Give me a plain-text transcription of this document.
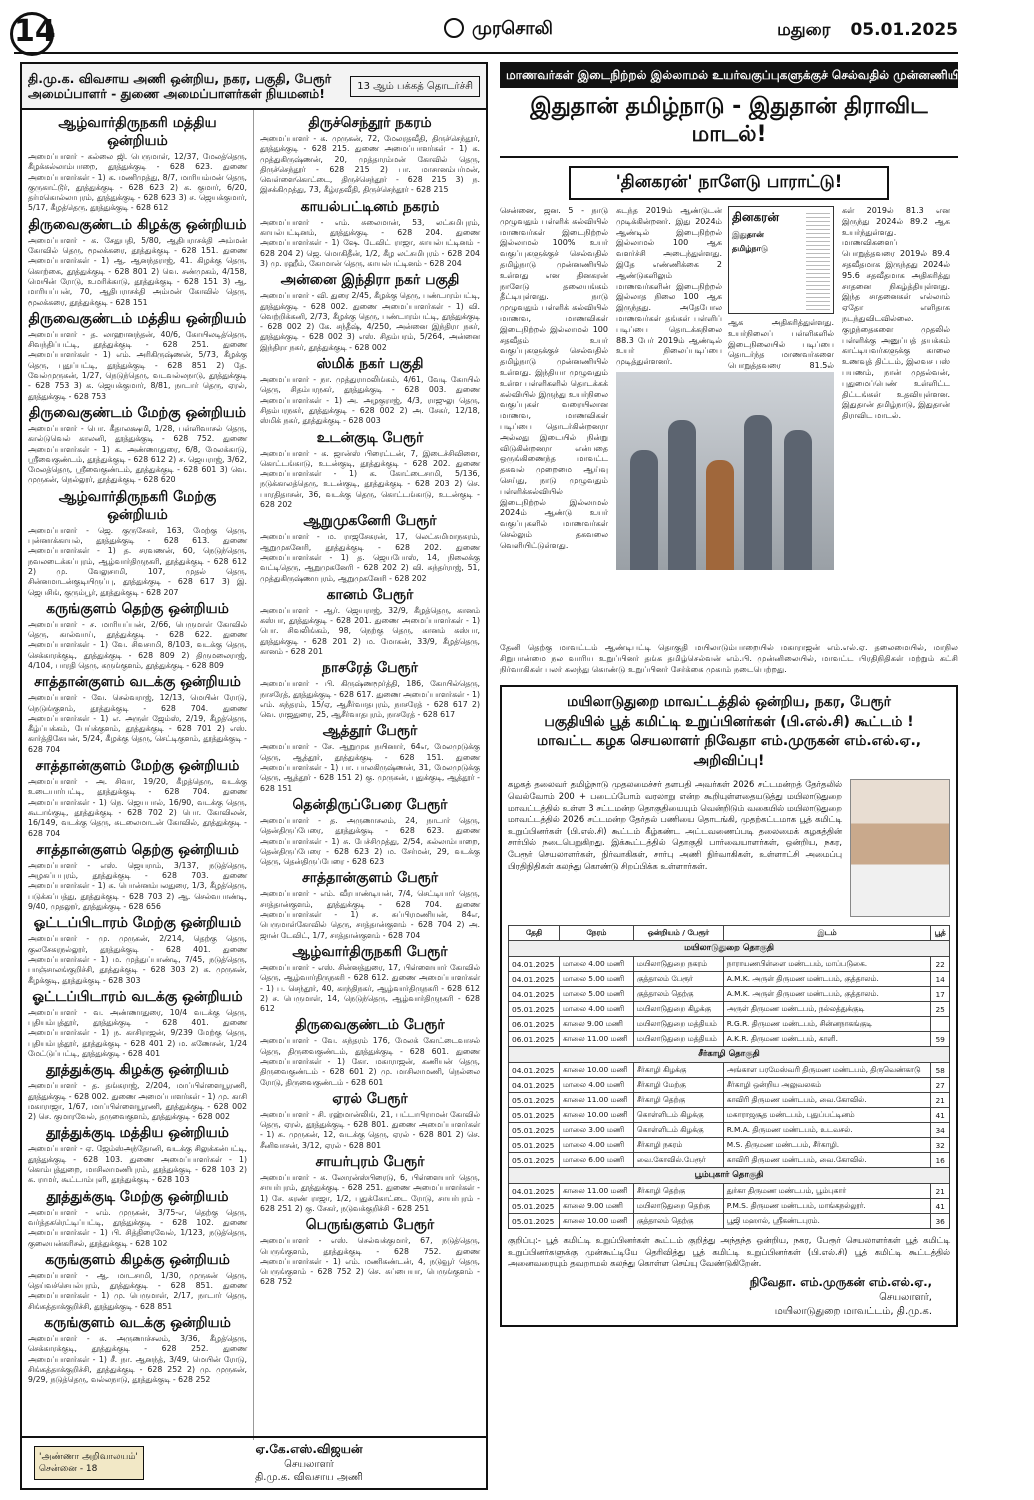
14	முரசொலி	மதுரை 05.01.2025
தி.மு.க. விவசாய அணி ஒன்றிய, நகர, பகுதி, பேரூர் அமைப்பாளர் - துணை அமைப்பாளர்கள் நியமனம்!	13 ஆம் பக்கத் தொடர்ச்சி
ஆழ்வார்திருநகரி மத்திய ஒன்றியம்

அமைப்பாளர் - கல்லை ஜி. பெருமாள், 12/37, மேலத்தெரு, கீழக்கல்லாம்பாறை, தூத்துக்குடி - 628 623. துணை அமைப்பாளர்கள் - 1) க. மணிமுத்து, 8/7, மாரியம்மன் தெரு, குருகாட்டூர், தூத்துக்குடி - 628 623 2) க. குமார், 6/20, தர்மகொல்லாபுரம், தூத்துக்குடி - 628 623 3) ச. ஜெயக்குமார், 5/17, கீழத்தெரு, தூத்துக்குடி - 628 612

திருவைகுண்டம் கிழக்கு ஒன்றியம்

அமைப்பாளர் - க. சேதுபதி, 5/80, ஆதிபராசக்தி அம்மன் கோவில் தெரு, மூலக்கரை, தூத்துக்குடி - 628 151. துணை அமைப்பாளர்கள் - 1) ஆ. ஆனந்தராஜ், 41. கிழக்கு தெரு, கொற்கை, தூத்துக்குடி - 628 801 2) வெ. சண்முகம், 4/158, மெயின் ரோடு, உமரிக்காடு, தூத்துக்குடி - 628 151 3) ஆ. மாரியப்பன், 70, ஆதிபராசக்தி அம்மன் கோவில் தெரு, மூலக்கரை, தூத்துக்குடி - 628 151

திருவைகுண்டம் மத்திய ஒன்றியம்

அமைப்பாளர் - த. லாஹானந்தன், 40/6, கோயிலடித்தெரு, சிவந்திப்பட்டி, தூத்துக்குடி - 628 251. துணை அமைப்பாளர்கள் - 1) எம். அரிகிருஷ்ணன், 5/73, கீழக்கு தெரு, புதுப்பட்டி, தூத்துக்குடி - 628 851 2) தே. வேல்முருகன், 1/27, நெடுந்தெரு, வடவல்லநாடு, தூத்துக்குடி - 628 753 3) க. ஜெயக்குமார், 8/81, நாடார் தெரு, ஏரல், தூத்துக்குடி - 628 753

திருவைகுண்டம் மேற்கு ஒன்றியம்

அமைப்பாளர் - பொ. கீதாலக்ஷமி, 1/28, பள்ளிவாசல் தெரு, கால்டுவெல் காலனி, தூத்துக்குடி - 628 752. துணை அமைப்பாளர்கள் - 1) க. அண்ணாதுரை, 6/8, மேலக்காடு, ஸ்ரீவைகுண்டம், தூத்துக்குடி - 628 612 2) ச. ஜெயராஜ், 3/62, மேலத்தெரு, ஸ்ரீவைகுண்டம், தூத்துக்குடி - 628 601 3) வெ. முருகன், நெல்லூர், தூத்துக்குடி - 628 620

ஆழ்வார்திருநகரி மேற்கு ஒன்றியம்

அமைப்பாளர் - ஜெ. குருசேகர், 163, மேற்கு தெரு, புன்னாக்காயல், தூத்துக்குடி - 628 613. துணை அமைப்பாளர்கள் - 1) த. சரவணன், 60, நெடுந்தெரு, நவலடைக்கப்புரம், ஆழ்வார்திருநகரி, தூத்துக்குடி - 628 612 2) மு. வேலுசாமி, 107, முதல் தெரு, சின்னமாடன்குடியிருப்பு, தூத்துக்குடி - 628 617 3) இ. ஜெபசிங், குரும்பூர், தூத்துக்குடி - 628 207

கருங்குளம் தெற்கு ஒன்றியம்

அமைப்பாளர் - ச. மாரியப்பன், 2/66, பெருமாள் கோவில் தெரு, கால்வாய், தூத்துக்குடி - 628 622. துணை அமைப்பாளர்கள் - 1) வே. சிவசாமி, 8/103, வடக்கு தெரு, செக்காரக்குடி, தூத்துக்குடி - 628 809 2) திருமலைராஜ், 4/104, பாரதி தெரு, கருங்குளம், தூத்துக்குடி - 628 809

சாத்தான்குளம் வடக்கு ஒன்றியம்

அமைப்பாளர் - வே. செல்வராஜ், 12/13, மெயின் ரோடு, நெடுங்குளம், தூத்துக்குடி - 628 704. துணை அமைப்பாளர்கள் - 1) எ. அருள் ஜேம்ஸ், 2/19, கீழத்தெரு, கீழ்ப்பக்கம், பேய்க்குளம், தூத்துக்குடி - 628 701 2) எஸ். கார்த்திகேயன், 5/24, கீழக்கு தெரு, செட்டிகுளம், தூத்துக்குடி - 628 704

சாத்தான்குளம் மேற்கு ஒன்றியம்

அமைப்பாளர் - அ. சிவா, 19/20, கீழத்தெரு, வடக்கு உடையார்பட்டி, தூத்துக்குடி - 628 704. துணை அமைப்பாளர்கள் - 1) நெ. ஜெயபால், 16/90, வடக்கு தெரு, கூடாங்குடி, தூத்துக்குடி - 628 702 2) பொ. கோவிலன், 16/149, வடக்கு தெரு, சுடலைமாடன் கோவில், தூத்துக்குடி - 628 704

சாத்தான்குளம் தெற்கு ஒன்றியம்

அமைப்பாளர் - எஸ். ஜெயராம், 3/137, நடுத்தெரு, அழகப்பபுரம், தூத்துக்குடி - 628 703. துணை அமைப்பாளர்கள் - 1) க. பொன்னம்பலதுரை, 1/3, கீழத்தெரு, படுக்கப்பத்து, தூத்துக்குடி - 628 703 2) ஆ. செல்வபாண்டி, 9/40, முதலூர், தூத்துக்குடி - 628 656

ஓட்டப்பிடாரம் மேற்கு ஒன்றியம்

அமைப்பாளர் - மு. முருகன், 2/214, தெற்கு தெரு, குலசேகரநல்லூர், தூத்துக்குடி - 628 401. துணை அமைப்பாளர்கள் - 1) ம. முத்துப்பாண்டி, 7/45, நடுத்தெரு, பாஞ்சாலங்குறிச்சி, தூத்துக்குடி - 628 303 2) க. முருகன், கீழக்குடி, தூத்துக்குடி - 628 303

ஓட்டப்பிடாரம் வடக்கு ஒன்றியம்

அமைப்பாளர் - வ. அண்ணாதுரை, 10/4 வடக்கு தெரு, புதியம்புத்தூர், தூத்துக்குடி - 628 401. துணை அமைப்பாளர்கள் - 1) ந. காசிராஜன், 9/239 மேற்கு தெரு, புதியம்புத்தூர், தூத்துக்குடி - 628 401 2) ம. கணேசன், 1/24 மேட்டுப்பட்டி, தூத்துக்குடி - 628 401

தூத்துக்குடி கிழக்கு ஒன்றியம்

அமைப்பாளர் - த. தங்கராஜ், 2/204, மாப்பிள்ளையூரணி, தூத்துக்குடி - 628 002. துணை அமைப்பாளர்கள் - 1) மு. காசி மகாராஜா, 1/67, மாப்பிள்ளையூரணி, தூத்துக்குடி - 628 002 2) செ. குமாரவேல், தருவைகுளம், தூத்துக்குடி - 628 002

தூத்துக்குடி மத்திய ஒன்றியம்

அமைப்பாளர் - ஏ. ஜேம்ஸ்அந்தோனி, வடக்கு சிலுக்கன்பட்டி, தூத்துக்குடி - 628 103. துணை அமைப்பாளர்கள் - 1) கொம்புத்துறை, மாசிலாமணிபுரம், தூத்துக்குடி - 628 103 2) க. ராமர், கூட்டாம்புளி, தூத்துக்குடி - 628 103

தூத்துக்குடி மேற்கு ஒன்றியம்

அமைப்பாளர் - எம். முருகன், 3/75-எ, தெற்கு தெரு, வர்த்தகரெட்டிப்பட்டி, தூத்துக்குடி - 628 102. துணை அமைப்பாளர்கள் - 1) பி. சித்திரைவேல், 1/123, நடுத்தெரு, குலையன்கரிசல், தூத்துக்குடி - 628 102

கருங்குளம் கிழக்கு ஒன்றியம்

அமைப்பாளர் - ஆ. மாடசாமி, 1/30, முருகன் தெரு, தெய்வச்செயல்புரம், தூத்துக்குடி - 628 851. துணை அமைப்பாளர்கள் - 1) மு. பெருமாள், 2/17, நாடார் தெரு, சிங்கத்தாக்குறிச்சி, தூத்துக்குடி - 628 851

கருங்குளம் வடக்கு ஒன்றியம்

அமைப்பாளர் - சு. அருணாச்சலம், 3/36, கீழத்தெரு, செக்காரக்குடி, தூத்துக்குடி - 628 252. துணை அமைப்பாளர்கள் - 1) சீ. நா. ஆனந்த், 3/49, மெயின் ரோடு, சிங்கத்தாக்குறிச்சி, தூத்துக்குடி - 628 252 2) மு. முருகன், 9/29, நடுத்தெரு, வல்லநாடு, தூத்துக்குடி - 628 252

திருச்செந்தூர் நகரம்

அமைப்பாளர் - க. முருகன், 72, மேலரதவீதி, திருச்செந்தூர், தூத்துக்குடி - 628 215. துணை அமைப்பாளர்கள் - 1) க. முத்துகிருஷ்ணன், 20, முத்தாரம்மன் கோவில் தெரு, திருச்செந்தூர் - 628 215 2) பா. மாசானம்பர்மன், வெள்ளைகொட்டை, திருச்செந்தூர் - 628 215 3) ந. இசக்கிமுத்து, 73, கீழ்ரதவீதி, திருச்செந்தூர் - 628 215

காயல்பட்டினம் நகரம்

அமைப்பாளர் - எம். சுலைமான், 53, லட்சுமிபுரம், காயல்பட்டினம், தூத்துக்குடி - 628 204. துணை அமைப்பாளர்கள் - 1) ஷே. டேவிட் ராஜா, காயல்பட்டினம் - 628 204 2) ஜெ. மொகிதீன், 1/2, கீழ லட்சுமிபுரம் - 628 204 3) மு. ரஹீம், கோமான் தெரு, காயல்பட்டினம் - 628 204

அன்னை இந்திரா நகர் பகுதி

அமைப்பாளர் - வி. துரை 2/45, கீழக்கு தெரு, பண்டாரம்பட்டி, தூத்துக்குடி - 628 002. துணை அமைப்பாளர்கள் - 1) வி. வெற்றிக்கனி, 2/73, கீழக்கு தெரு, பண்டாரம்பட்டி, தூத்துக்குடி - 628 002 2) கே. சந்தீஷ், 4/250, அன்னை இந்திரா நகர், தூத்துக்குடி - 628 002 3) எஸ். சிதம்பரம், 5/264, அன்னை இந்திரா நகர், தூத்துக்குடி - 628 002

ஸ்மிக் நகர் பகுதி

அமைப்பாளர் - நா. முத்துராமலிங்கம், 4/61, வேடி கோயில் தெரு, சிதம்பரநகர், தூத்துக்குடி - 628 003. துணை அமைப்பாளர்கள் - 1) அ. அழகுராஜ், 4/3, ராஜுலு தெரு, சிதம்பரநகர், தூத்துக்குடி - 628 002 2) அ. சேகர், 12/18, ஸ்மிக் நகர், தூத்துக்குடி - 628 003

உடன்குடி பேரூர்

அமைப்பாளர் - க. ஜான்ஸ் பிரைட்டன், 7, இடைச்சிவிளை, கொட்டங்காடு, உடன்குடி, தூத்துக்குடி - 628 202. துணை அமைப்பாளர்கள் - 1) க. கோட்டைசாமி, 5/136, நடுக்காலத்தெரு, உடன்குடி, தூத்துக்குடி - 628 203 2) செ. பாரதிதாசன், 36, வடக்கு தெரு, கொட்டங்காடு, உடன்குடி - 628 202

ஆறுமுகனேரி பேரூர்

அமைப்பாளர் - ம. ராஜசேகரன், 17, லெட்சுமிமாநகரம், ஆறுமுகனேரி, தூத்துக்குடி - 628 202. துணை அமைப்பாளர்கள் - 1) த. ஜெயபோஸ், 14, நிலைக்கு வட்டிதெரு, ஆறுமுகனேரி - 628 202 2) வி. சுந்தர்ராஜ், 51, முத்துகிருஷ்ணாபுரம், ஆறுமுகனேரி - 628 202

கானம் பேரூர்

அமைப்பாளர் - ஆர். ஜெயராஜ், 32/9, கீழத்தெரு, கானம் கஸ்பா, தூத்துக்குடி - 628 201. துணை அமைப்பாளர்கள் - 1) பொ. சிவலிங்கம், 98, நெற்கு தெரு, கானம் கஸ்பா, தூத்துக்குடி - 628 201 2) ம. மோகன், 33/9, கீழத்தெரு, கானம் - 628 201

நாசரேத் பேரூர்

அமைப்பாளர் - பி. கிருஷ்ணமூர்த்தி, 186, கோயில்தெரு, நாசரேத், தூத்துக்குடி - 628 617. துணை அமைப்பாளர்கள் - 1) எம். சுந்தரம், 15/ஏ, ஆசீர்வாதபுரம், நாசரேத் - 628 617 2) வெ. ராஜதுரை, 25, ஆசீர்வாதபுரம், நாசரேத் - 628 617

ஆத்தூர் பேரூர்

அமைப்பாளர் - சே. ஆறுமுக நயினார், 64எ, மேலமுடுக்கு தெரு, ஆத்தூர், தூத்துக்குடி - 628 151. துணை அமைப்பாளர்கள் - 1) பா. பாலகிருஷ்ணன், 31, மேலமுடுக்கு தெரு, ஆத்தூர் - 628 151 2) கு. முருகன், புதுக்குடி, ஆத்தூர் - 628 151

தென்திருப்பேரை பேரூர்

அமைப்பாளர் - த. அருணாசலம், 24, நாடார் தெரு, தென்திருப்பேரை, தூத்துக்குடி - 628 623. துணை அமைப்பாளர்கள் - 1) சு. பேச்சிமுத்து, 2/54, கல்லாம்பாறை, தென்திருப்பேரை - 628 623 2) ம. சேர்மன், 29, வடக்கு தெரு, தென்திருப்பேரை - 628 623

சாத்தான்குளம் பேரூர்

அமைப்பாளர் - எம். வீரபாண்டியன், 7/4, செட்டியார் தெரு, சாத்தான்குளம், தூத்துக்குடி - 628 704. துணை அமைப்பாளர்கள் - 1) ச. சுப்பிரமணியன், 84எ, பெருமாள்கோவில் தெரு, சாத்தான்குளம் - 628 704 2) அ. ஜான் டேவிட், 1/7, சாத்தான்குளம் - 628 704

ஆழ்வார்திருநகரி பேரூர்

அமைப்பாளர் - எஸ். சின்னத்துரை, 17, பிள்ளையார் கோவில் தெரு, ஆழ்வார்திருநகரி - 628 612. துணை அமைப்பாளர்கள் - 1) ப. செந்தூர், 40, காந்திநகர், ஆழ்வார்திருநகரி - 628 612 2) ச. பெருமாள், 14, நெடுந்தெரு, ஆழ்வார்திருநகரி - 628 612

திருவைகுண்டம் பேரூர்

அமைப்பாளர் - வே. சுந்தரம் 176, மேலக் கோட்டைவாசல் தெரு, திருவைகுண்டம், தூத்துக்குடி - 628 601. துணை அமைப்பாளர்கள் - 1) கோ. மகாராஜன், கணியன் தெரு, திருவைகுண்டம் - 628 601 2) மு. மாசிலாமணி, நெல்லை ரோடு, திருவைகுண்டம் - 628 601

ஏரல் பேரூர்

அமைப்பாளர் - சி. ரஹ்மான்லிங், 21, பட்டாபிராமன் கோவில் தெரு, ஏரல், தூத்துக்குடி - 628 801. துணை அமைப்பாளர்கள் - 1) சு. முருகன், 12, வடக்கு தெரு, ஏரல் - 628 801 2) செ. சீனிவாசன், 3/12, ஏரல் - 628 801

சாயர்புரம் பேரூர்

அமைப்பாளர் - க. லோரன்ஸ்பிரைடு, 6, பிள்ளையார் தெரு, சாயர்புரம், தூத்துக்குடி - 628 251. துணை அமைப்பாளர்கள் - 1) சே. கரண் ராஜா, 1/2, புதுக்கோட்டை ரோடு, சாயர்புரம் - 628 251 2) கு. சேகர், நடுவக்குறிச்சி - 628 251

பெருங்குளம் பேரூர்

அமைப்பாளர் - எஸ். செல்வக்குமார், 67, நடுத்தெரு, பெருங்குளம், தூத்துக்குடி - 628 752. துணை அமைப்பாளர்கள் - 1) எம். மணிகண்டன், 4, நடுவூர் தெரு, பெருங்குளம் - 628 752 2) செ. சுப்பையா, பெருங்குளம் - 628 752

'அண்ணா அறிவாலயம்' சென்னை - 18
ஏ.கே.எஸ்.விஜயன்
செயலாளர்
தி.மு.க. விவசாய அணி
மாணவர்கள் இடைநிற்றல் இல்லாமல் உயர்வகுப்புகளுக்குச் செல்வதில் முன்னணியில் தமிழ்நாடு!
இதுதான் தமிழ்நாடு - இதுதான் திராவிட மாடல்!
'தினகரன்' நாளேடு பாராட்டு!
சென்னை, ஜன. 5 - நாடு முழுவதும் பள்ளிக் கல்வியில் மாணவர்கள் இடைநிற்றல் இல்லாமல் 100% உயர் வகுப்புகளுக்குச் செல்வதில் தமிழ்நாடு முன்னணியில் உள்ளது என தினகரன் நாளேடு தலையங்கம் தீட்டியுள்ளது. நாடு முழுவதும் பள்ளிக் கல்வியில் மாணவ, மாணவிகள் இடைநிற்றல் இல்லாமல் 100 சதவீதம் உயர் வகுப்புகளுக்குச் செல்வதில் தமிழ்நாடு முன்னணியில் உள்ளது. இந்தியா முழுவதும் உள்ள பள்ளிகளில் தொடக்கக் கல்வியில் இருந்து உயர்நிலை வகுப்புகள் வரையிலான மாணவ, மாணவிகள் படிப்பை தொடர்கின்றனரா அல்லது இடையில் நின்று விடுகின்றனரா என்பதை ஒருங்கிணைந்த மாவட்ட தகவல் முறைமை ஆய்வு செய்து, நாடு முழுவதும் பள்ளிக்கல்வியில் இடைநிற்றல் இல்லாமல் 2024ம் ஆண்டு உயர் வகுப்புகளில் மாணவர்கள் செல்லும் தகவலை வெளியிட்டுள்ளது.
கடந்த 2019ம் ஆண்டுடன் முடிக்கின்றனர். இது 2024ம் ஆண்டில் இடைநிற்றல் இல்லாமல் 100 ஆக வளர்ச்சி அடைந்துள்ளது. இதே எண்ணிக்கை 2 ஆண்டுகளிலும் மாணவர்களின் இடைநிற்றல் இல்லாத நிலை 100 ஆக இருந்தது. அதேபோல மாணவர்கள் தங்கள் பள்ளிப் படிப்பை தொடக்கநிலை 88.3 பேர் 2019ம் ஆண்டில் உயர் நிலைப்படிப்பை முடித்துள்ளனர்.
தினகரன்
இதுதான் தமிழ்நாடு
ஆக அதிகரித்துள்ளது. உயர்நிலைப் பள்ளிகளில் இடைநிலையில் படிப்பை தொடர்ந்த மாணவர்களை பொறுத்தவரை 81.5ல்
கள் 2019ல் 81.3 என இருந்து 2024ல் 89.2 ஆக உயர்ந்துள்ளது. மாணவிகளைப் பொறுத்தவரை 2019ல் 89.4 சதவீதமாக இருந்தது 2024ல் 95.6 சதவீதமாக அதிகரித்து சாதனை நிகழ்த்தியுள்ளது. இந்த சாதனைகள் எல்லாம் ஏதோ எளிதாக நடந்துவிடவில்லை. குழந்தைகளை முதலில் பள்ளிக்கு அனுப்பத் தயக்கம் காட்டியவர்களுக்கு காலை உணவுத் திட்டம், இலவச பஸ் பயணம், நான் முதல்வன், புதுமைப்பெண் உள்ளிட்ட திட்டங்கள் உதவியுள்ளன. இதுதான் தமிழ்நாடு, இதுதான் திராவிட மாடல்.
தேனி தெற்கு மாவட்டம் ஆண்டிபட்டி தொகுதி மயிலாடும்பாறையில் மகாராஜன் எம்.எல்.ஏ. தலைமையில், மாநில சிறுபான்மை நல வாரிய உறுப்பினர் தங்க தமிழ்செல்வன் எம்.பி. முன்னிலையில், மாவட்ட பிரதிநிதிகள் மற்றும் கட்சி நிர்வாகிகள் பலர் கலந்து கொண்டு உறுப்பினர் சேர்க்கை முகாம் நடைபெற்றது.
மயிலாடுதுறை மாவட்டத்தில் ஒன்றிய, நகர, பேரூர்
பகுதியில் பூத் கமிட்டி உறுப்பினர்கள் (பி.எல்.சி) கூட்டம் !
மாவட்ட கழக செயலாளர் நிவேதா எம்.முருகன் எம்.எல்.ஏ., அறிவிப்பு!
கழகத் தலைவர் தமிழ்நாடு முதலமைச்சர் தளபதி அவர்கள் 2026 சட்டமன்றத் தேர்தலில் வெல்வோம் 200 + படைப்போம் வரலாறு என்ற கூறியுள்ளதையடுத்து மயிலாடுதுறை மாவட்டத்தில் உள்ள 3 சட்டமன்ற தொகுதியையும் வென்றிடும் வகையில் மயிலாடுதுறை மாவட்டத்தில் 2026 சட்டமன்ற தேர்தல் பணியை தொடங்கி, முதற்கட்டமாக பூத் கமிட்டி உறுப்பினர்கள் (பி.எல்.சி) கூட்டம் கீழ்கண்ட அட்டவணைப்படி தலைமைக் கழகத்தின் சார்பில் நடைபெறுகிறது. இக்கூட்டத்தில் தொகுதி பார்வையாளர்கள், ஒன்றிய, நகர, பேரூர் செயலாளர்கள், நிர்வாகிகள், சார்பு அணி நிர்வாகிகள், உள்ளாட்சி அமைப்பு பிரதிநிதிகள் கலந்து கொண்டு சிறப்பிக்க உள்ளார்கள்.
தேதி	நேரம்	ஒன்றியம் / பேரூர்	இடம்	பூத்
மயிலாடுதுறை தொகுதி				
04.01.2025	மாலை 4.00 மணி	மயிலாடுதுறை நகரம்	நாராயணபிள்ளை மண்டபம், மாப்படுகை.	22
04.01.2025	மாலை 5.00 மணி	குத்தாலம் பேரூர்	A.M.K. அருள் திருமண மண்டபம், குத்தாலம்.	14
04.01.2025	மாலை 5.00 மணி	குத்தாலம் தெற்கு	A.M.K. அருள் திருமண மண்டபம், குத்தாலம்.	17
05.01.2025	மாலை 4.00 மணி	மயிலாடுதுறை கிழக்கு	அருள் திருமண மண்டபம், நல்லத்துக்குடி	25
06.01.2025	காலை 9.00 மணி	மயிலாடுதுறை மத்தியம்	R.G.R. திருமண மண்டபம், சின்னநாகங்குடி	
06.01.2025	காலை 11.00 மணி	மயிலாடுதுறை மத்தியம்	A.K.R. திருமண மண்டபம், காளி.	59
சீர்காழி தொகுதி				
04.01.2025	காலை 10.00 மணி	சீர்காழி கிழக்கு	அங்காள பரமேஸ்வரி திருமண மண்டபம், திருவெண்காடு	58
04.01.2025	மாலை 4.00 மணி	சீர்காழி மேற்கு	சீர்காழி ஒன்றிய அலுவலகம்	27
05.01.2025	காலை 11.00 மணி	சீர்காழி தெற்கு	காவிரி திருமண மண்டபம், வை.கோவில்.	21
05.01.2025	காலை 10.00 மணி	கொள்ளிடம் கிழக்கு	மகாராஜசூத மண்டபம், புதுப்பட்டினம்	41
05.01.2025	மாலை 3.00 மணி	கொள்ளிடம் கிழக்கு	R.M.A. திருமண மண்டபம், உடவசல்.	34
05.01.2025	மாலை 4.00 மணி	சீர்காழி நகரம்	M.S. திருமண மண்டபம், சீர்காழி.	32
05.01.2025	மாலை 6.00 மணி	வை.கோவில்.பேரூர்	காவிரி திருமண மண்டபம், வை.கோவில்.	16
பூம்புகார் தொகுதி				
04.01.2025	காலை 11.00 மணி	சீர்காழி தெற்கு	துர்கா திருமண மண்டபம், பூம்புகார்	21
05.01.2025	காலை 9.00 மணி	மயிலாடுதுறை தெற்கு	P.M.S. திருமண மண்டபம், மாங்கநல்லூர்.	41
05.01.2025	காலை 10.00 மணி	குத்தாலம் தெற்கு	பூஜி மஹால், ஸ்ரீகண்டபுரம்.	36
குறிப்பு:- பூத் கமிட்டி உறுப்பினர்கள் கூட்டம் குறித்து அந்தந்த ஒன்றிய, நகர, பேரூர் செயலாளர்கள் பூத் கமிட்டி உறுப்பினர்களுக்கு முன்கூட்டியே தெரிவித்து பூத் கமிட்டி உறுப்பினர்கள் (பி.எல்.சி) பூத் கமிட்டி கூட்டத்தில் அனைவரையும் தவறாமல் கலந்து கொள்ள செய்யு வேண்டுகிறேன்.
நிவேதா. எம்.முருகன் எம்.எல்.ஏ.,
செயலாளர்,
மயிலாடுதுறை மாவட்டம், தி.மு.க.
